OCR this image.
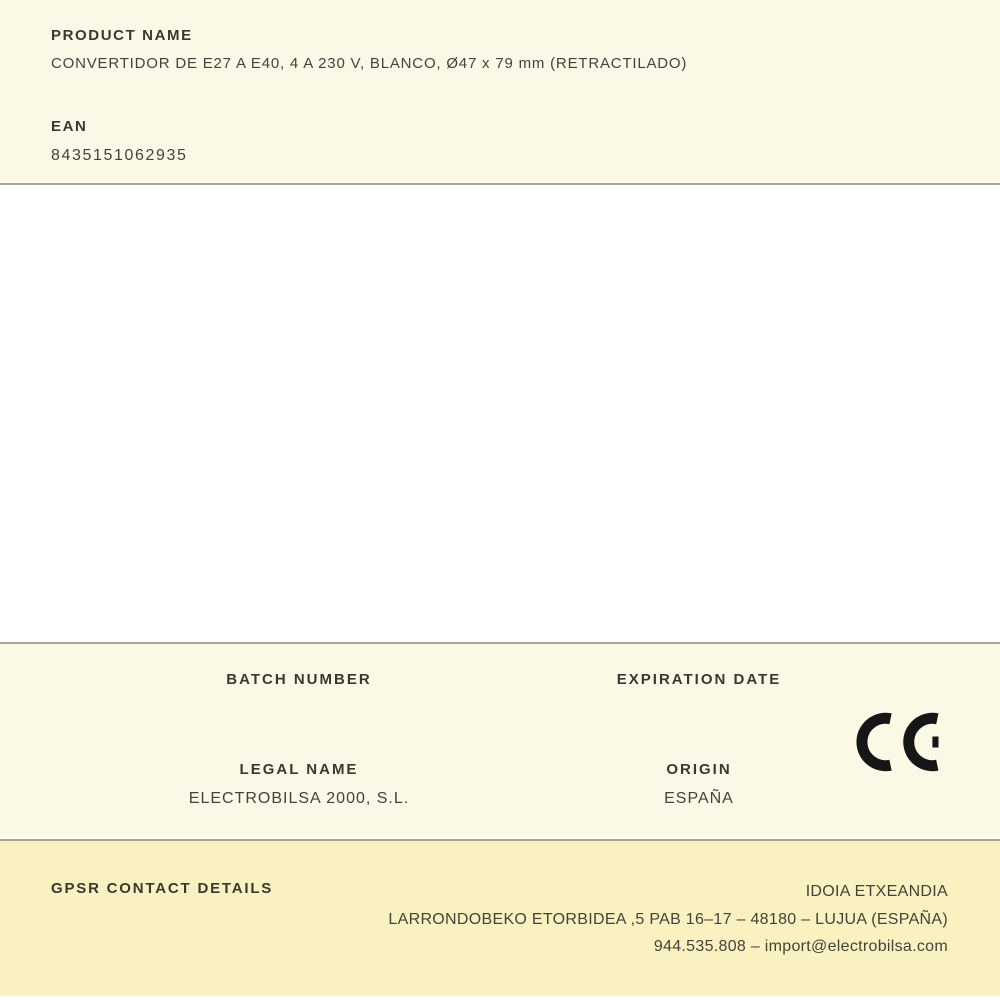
PRODUCT NAME
CONVERTIDOR DE E27 A E40, 4 A 230 V, BLANCO, Ø47 x 79 mm (RETRACTILADO)
EAN
8435151062935
BATCH NUMBER
LEGAL NAME
ELECTROBILSA 2000, S.L.
EXPIRATION DATE
ORIGIN
ESPAÑA
GPSR CONTACT DETAILS	IDOIA ETXEANDIA
LARRONDOBEKO ETORBIDEA ,5 PAB 16–17 – 48180 – LUJUA (ESPAÑA)
944.535.808 – import@electrobilsa.com
